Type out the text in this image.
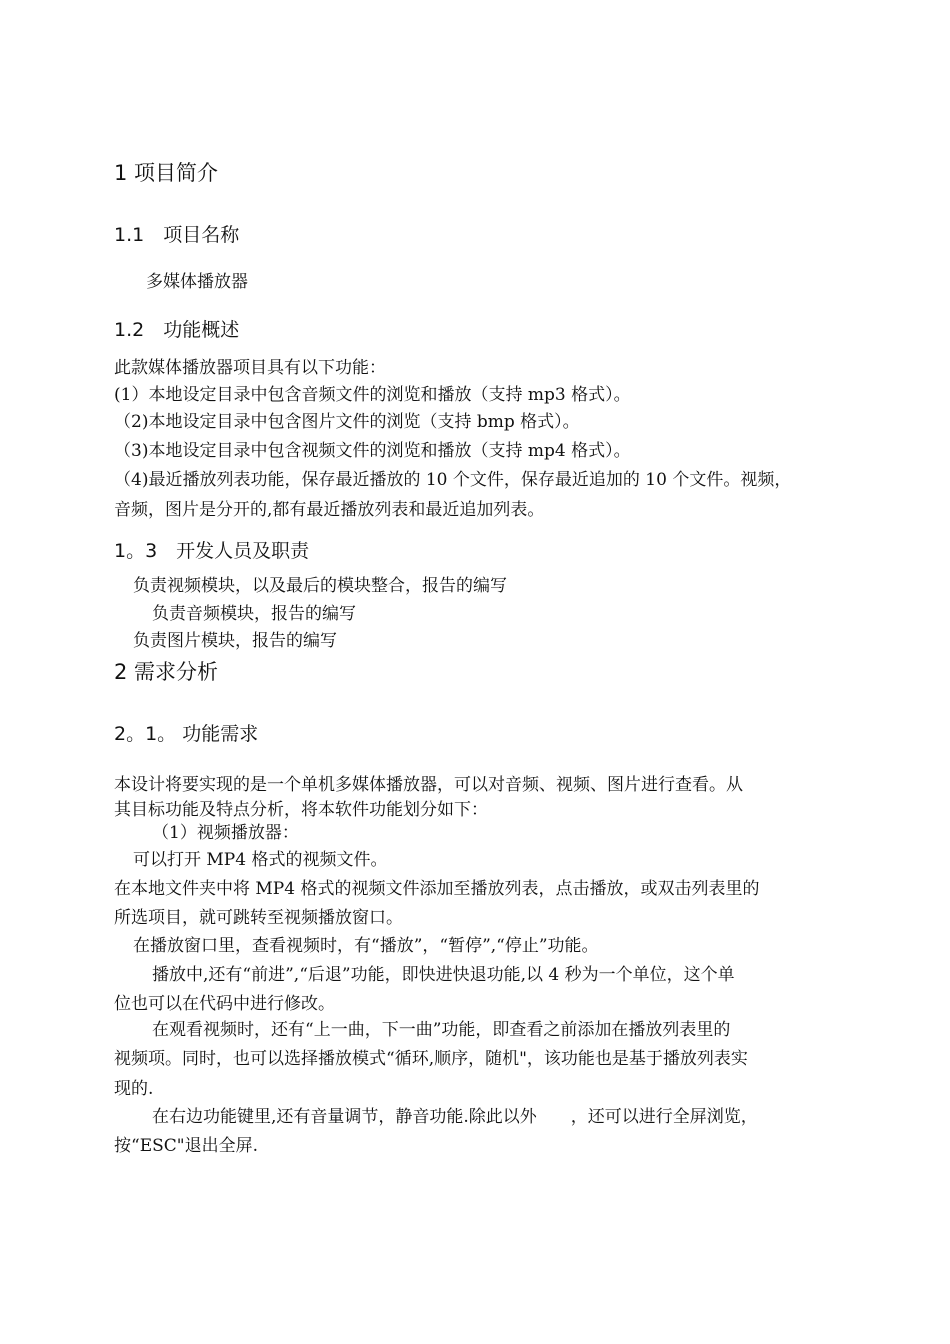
1 项目简介
1.1　项目名称

多媒体播放器

1.2　功能概述

此款媒体播放器项目具有以下功能：

(1）本地设定目录中包含音频文件的浏览和播放（支持 mp3 格式）。

（2)本地设定目录中包含图片文件的浏览（支持 bmp 格式）。

（3)本地设定目录中包含视频文件的浏览和播放（支持 mp4 格式）。

（4)最近播放列表功能，保存最近播放的 10 个文件，保存最近追加的 10 个文件。视频，

音频，图片是分开的,都有最近播放列表和最近追加列表。

1。3　开发人员及职责

负责视频模块，以及最后的模块整合，报告的编写

负责音频模块，报告的编写

负责图片模块，报告的编写

2 需求分析
2。1。 功能需求

本设计将要实现的是一个单机多媒体播放器，可以对音频、视频、图片进行查看。从

其目标功能及特点分析，将本软件功能划分如下：

（1）视频播放器：

可以打开 MP4 格式的视频文件。

在本地文件夹中将 MP4 格式的视频文件添加至播放列表，点击播放，或双击列表里的

所选项目，就可跳转至视频播放窗口。

在播放窗口里，查看视频时，有“播放”，“暂停”,“停止”功能。

播放中,还有“前进”,“后退”功能，即快进快退功能,以 4 秒为一个单位，这个单

位也可以在代码中进行修改。

在观看视频时，还有“上一曲，下一曲”功能，即查看之前添加在播放列表里的

视频项。同时，也可以选择播放模式“循环,顺序，随机"，该功能也是基于播放列表实

现的.

在右边功能键里,还有音量调节，静音功能.除此以外　　，还可以进行全屏浏览，

按“ESC"退出全屏.
